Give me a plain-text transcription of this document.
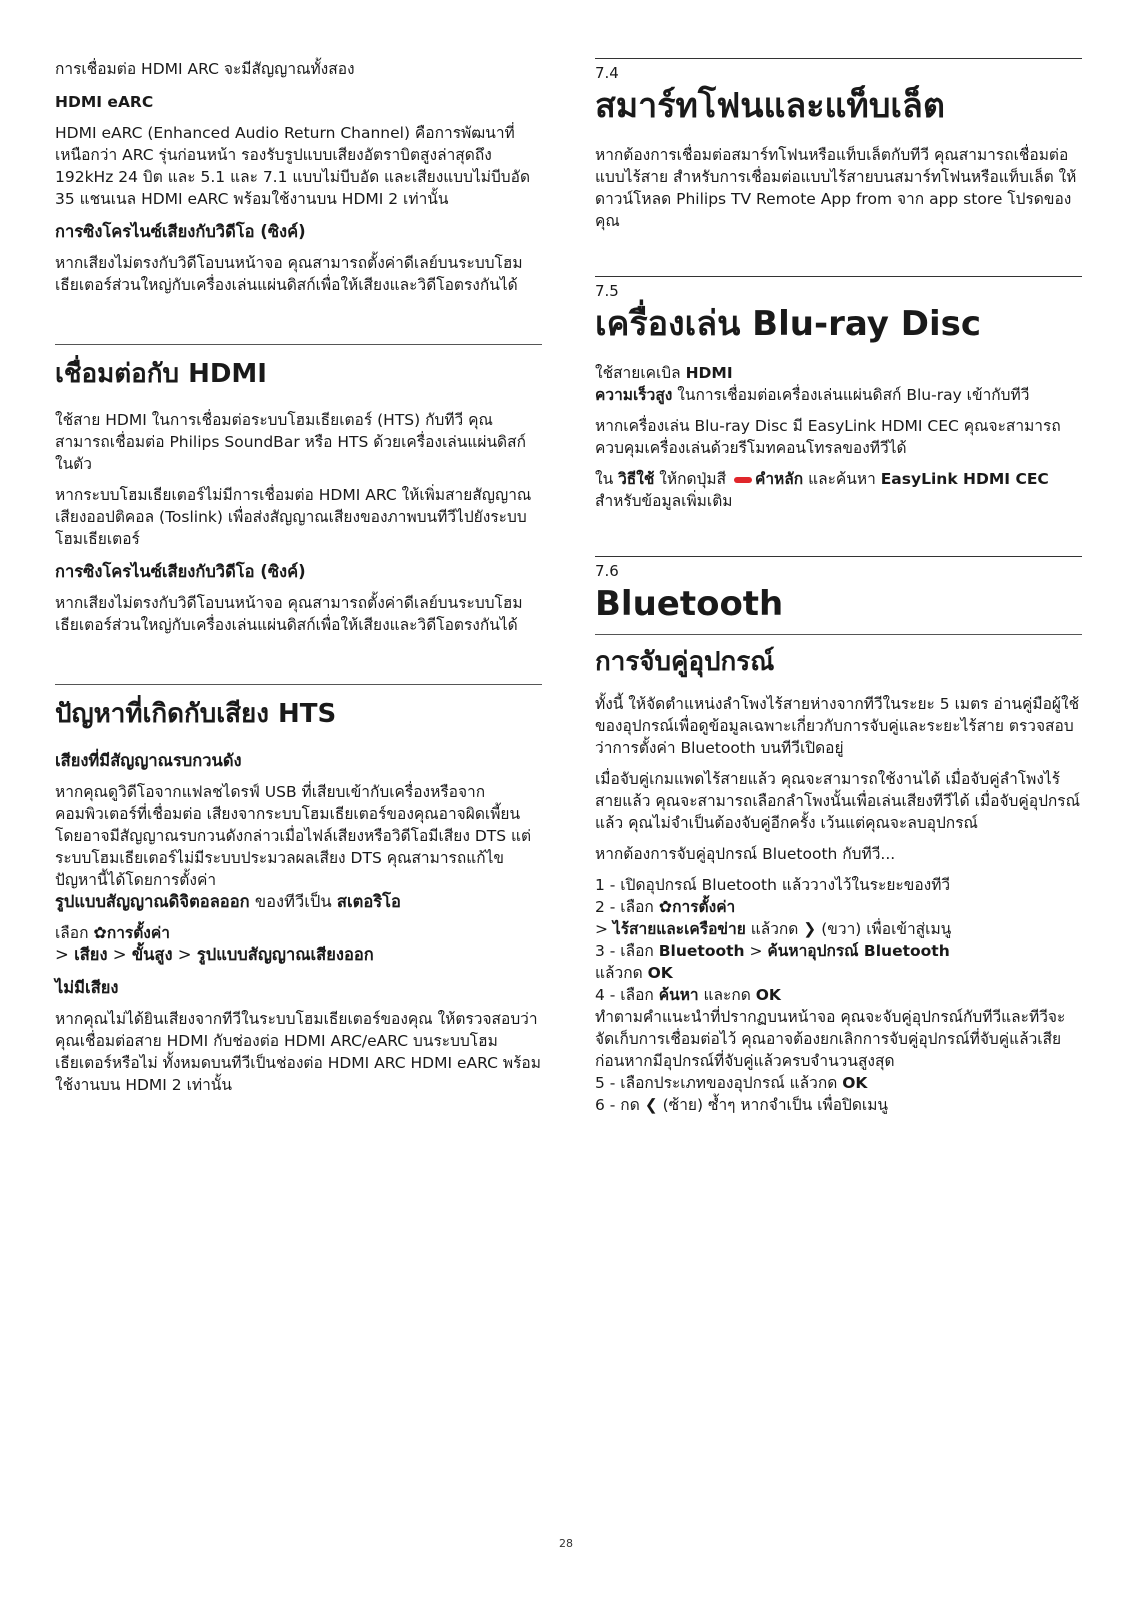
การเชื่อมต่อ HDMI ARC จะมีสัญญาณทั้งสอง

HDMI eARC

HDMI eARC (Enhanced Audio Return Channel) คือการพัฒนาที่เหนือกว่า ARC รุ่นก่อนหน้า รองรับรูปแบบเสียงอัตราบิตสูงล่าสุดถึง 192kHz 24 บิต และ 5.1 และ 7.1 แบบไม่บีบอัด และเสียงแบบไม่บีบอัด 35 แชนเนล HDMI eARC พร้อมใช้งานบน HDMI 2 เท่านั้น

การซิงโครไนซ์เสียงกับวิดีโอ (ซิงค์)

หากเสียงไม่ตรงกับวิดีโอบนหน้าจอ คุณสามารถตั้งค่าดีเลย์บนระบบโฮมเธียเตอร์ส่วนใหญ่กับเครื่องเล่นแผ่นดิสก์เพื่อให้เสียงและวิดีโอตรงกันได้

เชื่อมต่อกับ HDMI

ใช้สาย HDMI ในการเชื่อมต่อระบบโฮมเธียเตอร์ (HTS) กับทีวี คุณสามารถเชื่อมต่อ Philips SoundBar หรือ HTS ด้วยเครื่องเล่นแผ่นดิสก์ในตัว

หากระบบโฮมเธียเตอร์ไม่มีการเชื่อมต่อ HDMI ARC ให้เพิ่มสายสัญญาณเสียงออปติคอล (Toslink) เพื่อส่งสัญญาณเสียงของภาพบนทีวีไปยังระบบโฮมเธียเตอร์

การซิงโครไนซ์เสียงกับวิดีโอ (ซิงค์)

หากเสียงไม่ตรงกับวิดีโอบนหน้าจอ คุณสามารถตั้งค่าดีเลย์บนระบบโฮมเธียเตอร์ส่วนใหญ่กับเครื่องเล่นแผ่นดิสก์เพื่อให้เสียงและวิดีโอตรงกันได้

ปัญหาที่เกิดกับเสียง HTS
เสียงที่มีสัญญาณรบกวนดัง

หากคุณดูวิดีโอจากแฟลชไดรฟ์ USB ที่เสียบเข้ากับเครื่องหรือจากคอมพิวเตอร์ที่เชื่อมต่อ เสียงจากระบบโฮมเธียเตอร์ของคุณอาจผิดเพี้ยน โดยอาจมีสัญญาณรบกวนดังกล่าวเมื่อไฟล์เสียงหรือวิดีโอมีเสียง DTS แต่ระบบโฮมเธียเตอร์ไม่มีระบบประมวลผลเสียง DTS คุณสามารถแก้ไขปัญหานี้ได้โดยการตั้งค่า

รูปแบบสัญญาณดิจิตอลออก ของทีวีเป็น สเตอริโอ

เลือก ✿การตั้งค่า

> เสียง > ขั้นสูง > รูปแบบสัญญาณเสียงออก

ไม่มีเสียง

หากคุณไม่ได้ยินเสียงจากทีวีในระบบโฮมเธียเตอร์ของคุณ ให้ตรวจสอบว่าคุณเชื่อมต่อสาย HDMI กับช่องต่อ HDMI ARC/eARC บนระบบโฮมเธียเตอร์หรือไม่ ทั้งหมดบนทีวีเป็นช่องต่อ HDMI ARC HDMI eARC พร้อมใช้งานบน HDMI 2 เท่านั้น

7.4
สมาร์ทโฟนและแท็บเล็ต

หากต้องการเชื่อมต่อสมาร์ทโฟนหรือแท็บเล็ตกับทีวี คุณสามารถเชื่อมต่อแบบไร้สาย สำหรับการเชื่อมต่อแบบไร้สายบนสมาร์ทโฟนหรือแท็บเล็ต ให้ดาวน์โหลด Philips TV Remote App from จาก app store โปรดของคุณ

7.5
เครื่องเล่น Blu-ray Disc

ใช้สายเคเบิล HDMI
ความเร็วสูง ในการเชื่อมต่อเครื่องเล่นแผ่นดิสก์ Blu-ray เข้ากับทีวี

หากเครื่องเล่น Blu-ray Disc มี EasyLink HDMI CEC คุณจะสามารถควบคุมเครื่องเล่นด้วยรีโมทคอนโทรลของทีวีได้

ใน วิธีใช้ ให้กดปุ่มสี คำหลัก และค้นหา EasyLink HDMI CEC สำหรับข้อมูลเพิ่มเติม

7.6
Bluetooth
การจับคู่อุปกรณ์

ทั้งนี้ ให้จัดตำแหน่งลำโพงไร้สายห่างจากทีวีในระยะ 5 เมตร อ่านคู่มือผู้ใช้ของอุปกรณ์เพื่อดูข้อมูลเฉพาะเกี่ยวกับการจับคู่และระยะไร้สาย ตรวจสอบว่าการตั้งค่า Bluetooth บนทีวีเปิดอยู่

เมื่อจับคู่เกมแพดไร้สายแล้ว คุณจะสามารถใช้งานได้ เมื่อจับคู่ลำโพงไร้สายแล้ว คุณจะสามารถเลือกลำโพงนั้นเพื่อเล่นเสียงทีวีได้ เมื่อจับคู่อุปกรณ์แล้ว คุณไม่จำเป็นต้องจับคู่อีกครั้ง เว้นแต่คุณจะลบอุปกรณ์

หากต้องการจับคู่อุปกรณ์ Bluetooth กับทีวี...

1 - เปิดอุปกรณ์ Bluetooth แล้ววางไว้ในระยะของทีวี

2 - เลือก ✿การตั้งค่า
> ไร้สายและเครือข่าย แล้วกด ❯ (ขวา) เพื่อเข้าสู่เมนู

3 - เลือก Bluetooth > ค้นหาอุปกรณ์ Bluetooth
แล้วกด OK

4 - เลือก ค้นหา และกด OK

ทำตามคำแนะนำที่ปรากฏบนหน้าจอ คุณจะจับคู่อุปกรณ์กับทีวีและทีวีจะจัดเก็บการเชื่อมต่อไว้ คุณอาจต้องยกเลิกการจับคู่อุปกรณ์ที่จับคู่แล้วเสียก่อนหากมีอุปกรณ์ที่จับคู่แล้วครบจำนวนสูงสุด

5 - เลือกประเภทของอุปกรณ์ แล้วกด OK

6 - กด ❮ (ซ้าย) ซ้ำๆ หากจำเป็น เพื่อปิดเมนู

28
